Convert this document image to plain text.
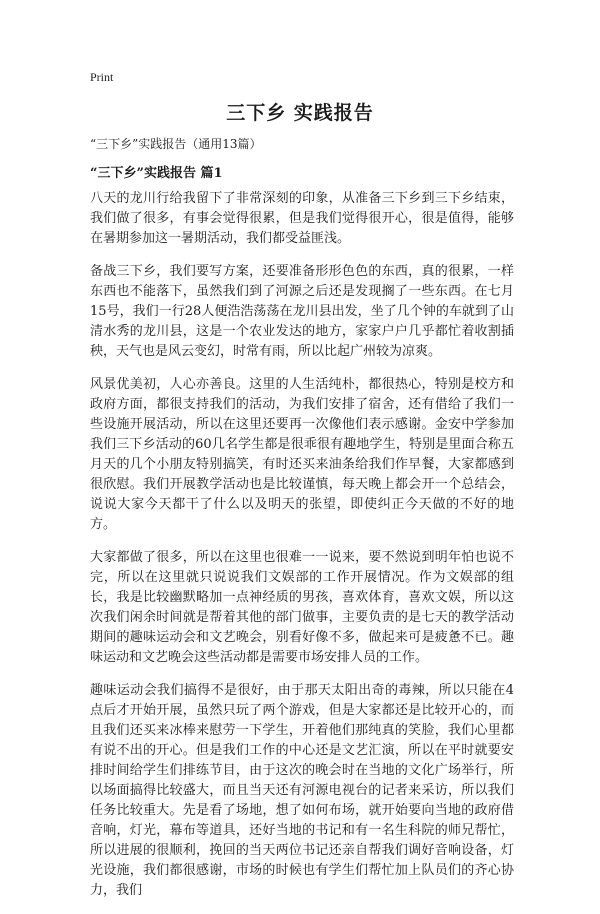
Print
三下乡 实践报告

“三下乡”实践报告（通用13篇）

“三下乡”实践报告 篇1

八天的龙川行给我留下了非常深刻的印象，从准备三下乡到三下乡结束，我们做了很多，有事会觉得很累，但是我们觉得很开心，很是值得，能够在暑期参加这一暑期活动，我们都受益匪浅。

备战三下乡，我们要写方案，还要准备形形色色的东西，真的很累，一样东西也不能落下，虽然我们到了河源之后还是发现搁了一些东西。在七月15号，我们一行28人便浩浩荡荡在龙川县出发，坐了几个钟的车就到了山清水秀的龙川县，这是一个农业发达的地方，家家户户几乎都忙着收割插秧，天气也是风云变幻，时常有雨，所以比起广州较为凉爽。

风景优美初，人心亦善良。这里的人生活纯朴，都很热心，特别是校方和政府方面，都很支持我们的活动，为我们安排了宿舍，还有借给了我们一些设施开展活动，所以在这里还要再一次像他们表示感谢。金安中学参加我们三下乡活动的60几名学生都是很乖很有趣地学生，特别是里面合称五月天的几个小朋友特别搞笑，有时还买来油条给我们作早餐，大家都感到很欣慰。我们开展教学活动也是比较谨慎，每天晚上都会开一个总结会，说说大家今天都干了什么以及明天的张望，即使纠正今天做的不好的地方。

大家都做了很多，所以在这里也很难一一说来，要不然说到明年怕也说不完，所以在这里就只说说我们文娱部的工作开展情况。作为文娱部的组长，我是比较幽默略加一点神经质的男孩，喜欢体育，喜欢文娱，所以这次我们闲余时间就是帮着其他的部门做事，主要负责的是七天的教学活动期间的趣味运动会和文艺晚会，别看好像不多，做起来可是疲惫不已。趣味运动和文艺晚会这些活动都是需要市场安排人员的工作。

趣味运动会我们搞得不是很好，由于那天太阳出奇的毒辣，所以只能在4点后才开始开展，虽然只玩了两个游戏，但是大家都还是比较开心的，而且我们还买来冰棒来慰劳一下学生，开着他们那纯真的笑脸，我们心里都有说不出的开心。但是我们工作的中心还是文艺汇演，所以在平时就要安排时间给学生们排练节目，由于这次的晚会时在当地的文化广场举行，所以场面搞得比较盛大，而且当天还有河源电视台的记者来采访，所以我们任务比较重大。先是看了场地，想了如何布场，就开始要向当地的政府借音响，灯光，幕布等道具，还好当地的书记和有一名生科院的师兄帮忙，所以进展的很顺利，挽回的当天两位书记还亲自帮我们调好音响设备，灯光设施，我们都很感谢，市场的时候也有学生们帮忙加上队员们的齐心协力，我们
